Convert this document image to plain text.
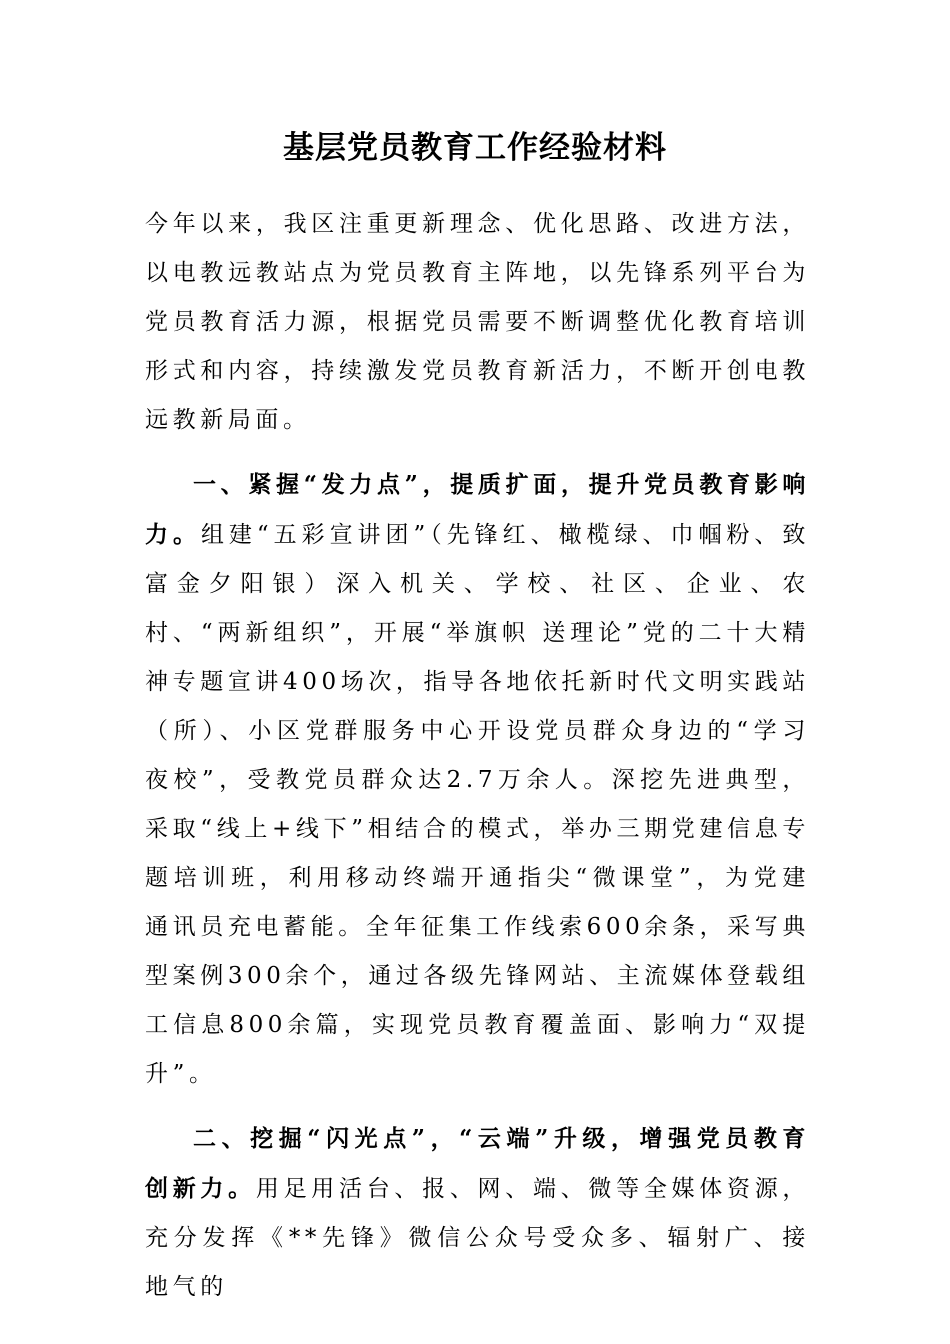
基层党员教育工作经验材料

今年以来，我区注重更新理念、优化思路、改进方法，以电教远教站点为党员教育主阵地，以先锋系列平台为党员教育活力源，根据党员需要不断调整优化教育培训形式和内容，持续激发党员教育新活力，不断开创电教远教新局面。

一、紧握“发力点”，提质扩面，提升党员教育影响力。组建“五彩宣讲团”（先锋红、橄榄绿、巾帼粉、致富金夕阳银）深入机关、学校、社区、企业、农村、“两新组织”，开展“举旗帜 送理论”党的二十大精神专题宣讲400场次，指导各地依托新时代文明实践站（所）、小区党群服务中心开设党员群众身边的“学习夜校”，受教党员群众达2.7万余人。深挖先进典型，采取“线上+线下”相结合的模式，举办三期党建信息专题培训班，利用移动终端开通指尖“微课堂”，为党建通讯员充电蓄能。全年征集工作线索600余条，采写典型案例300余个，通过各级先锋网站、主流媒体登载组工信息800余篇，实现党员教育覆盖面、影响力“双提升”。

二、挖掘“闪光点”，“云端”升级，增强党员教育创新力。用足用活台、报、网、端、微等全媒体资源，充分发挥《**先锋》微信公众号受众多、辐射广、接地气的
